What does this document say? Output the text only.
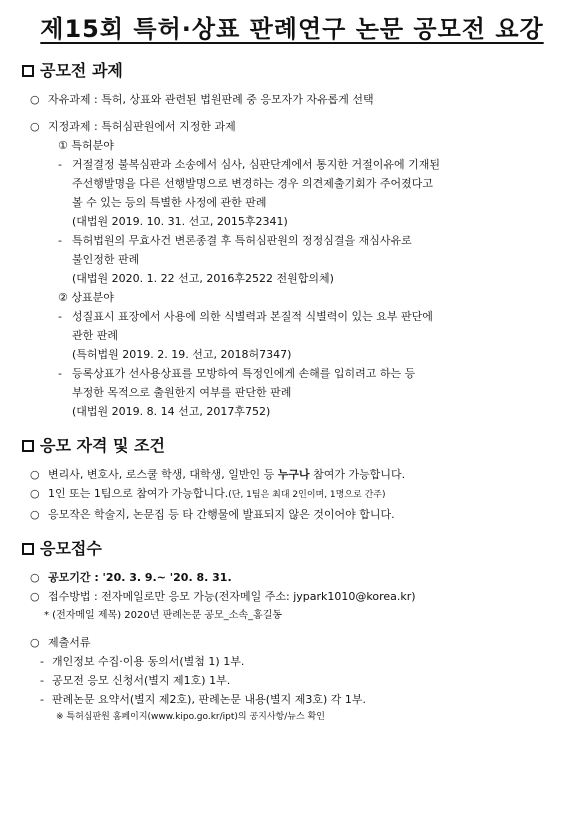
제15회 특허·상표 판례연구 논문 공모전 요강
공모전 과제
○ 자유과제 : 특허, 상표와 관련된 법원판례 중 응모자가 자유롭게 선택
○ 지정과제 : 특허심판원에서 지정한 과제
① 특허분야
- 거절결정 불복심판과 소송에서 심사, 심판단계에서 통지한 거절이유에 기재된
주선행발명을 다른 선행발명으로 변경하는 경우 의견제출기회가 주어졌다고
볼 수 있는 등의 특별한 사정에 관한 판례
(대법원 2019. 10. 31. 선고, 2015후2341)
- 특허법원의 무효사건 변론종결 후 특허심판원의 정정심결을 재심사유로
불인정한 판례
(대법원 2020. 1. 22 선고, 2016후2522 전원합의체)
② 상표분야
- 성질표시 표장에서 사용에 의한 식별력과 본질적 식별력이 있는 요부 판단에
관한 판례
(특허법원 2019. 2. 19. 선고, 2018허7347)
- 등록상표가 선사용상표를 모방하여 특정인에게 손해를 입히려고 하는 등
부정한 목적으로 출원한지 여부를 판단한 판례
(대법원 2019. 8. 14 선고, 2017후752)
응모 자격 및 조건
○ 변리사, 변호사, 로스쿨 학생, 대학생, 일반인 등 누구나 참여가 가능합니다.
○ 1인 또는 1팀으로 참여가 가능합니다.(단, 1팀은 최대 2인이며, 1명으로 간주)
○ 응모작은 학술지, 논문집 등 타 간행물에 발표되지 않은 것이어야 합니다.
응모접수
○ 공모기간 : '20. 3. 9.~ '20. 8. 31.
○ 접수방법 : 전자메일로만 응모 가능(전자메일 주소: jypark1010@korea.kr)
* (전자메일 제목) 2020년 판례논문 공모_소속_홍길동
○ 제출서류
- 개인정보 수집·이용 동의서(별첨 1) 1부.
- 공모전 응모 신청서(별지 제1호) 1부.
- 판례논문 요약서(별지 제2호), 판례논문 내용(별지 제3호) 각 1부.
※ 특허심판원 홈페이지(www.kipo.go.kr/ipt)의 공지사항/뉴스 확인
